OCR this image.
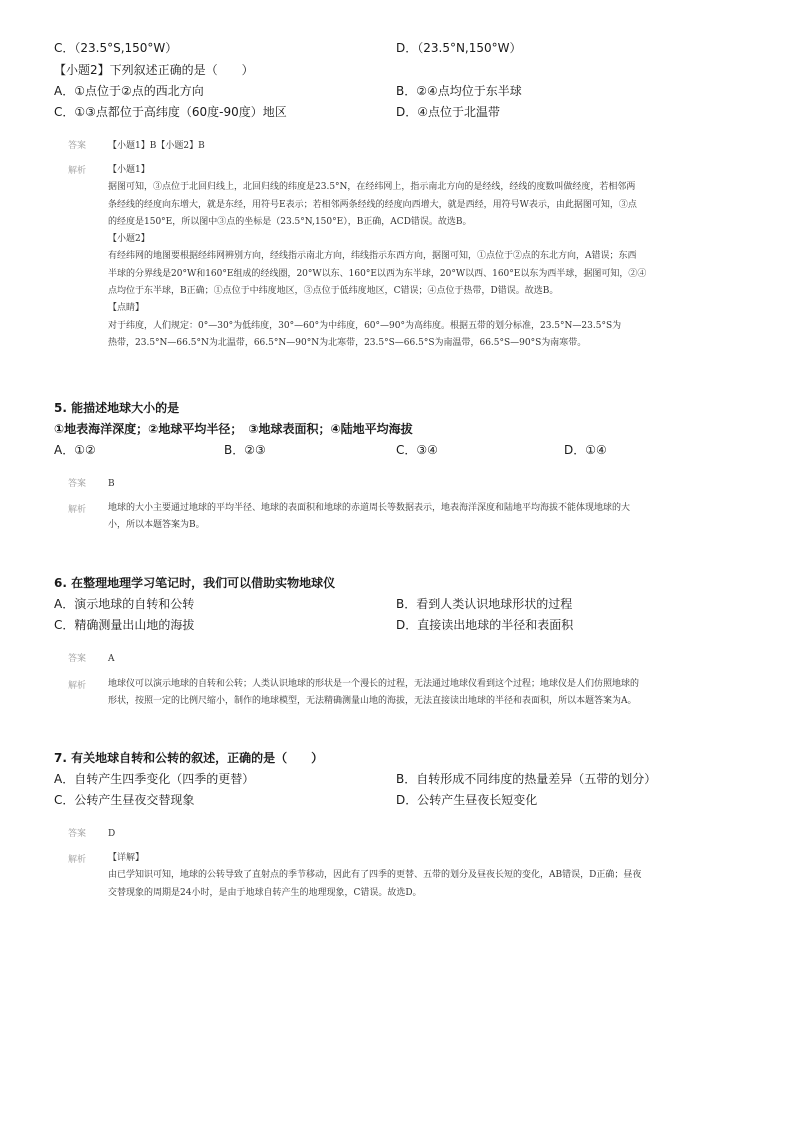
C．（23.5°S,150°W）	D．（23.5°N,150°W）
【小题2】下列叙述正确的是（　　）
A．①点位于②点的西北方向	B．②④点均位于东半球
C．①③点都位于高纬度（60度-90度）地区	D．④点位于北温带
答案 【小题1】B【小题2】B
解析 【小题1】

据图可知，③点位于北回归线上，北回归线的纬度是23.5°N，在经纬网上，指示南北方向的是经线，经线的度数叫做经度，若相邻两

条经线的经度向东增大，就是东经，用符号E表示；若相邻两条经线的经度向西增大，就是西经，用符号W表示，由此据图可知，③点

的经度是150°E，所以图中③点的坐标是（23.5°N,150°E），B正确，ACD错误。故选B。

【小题2】

有经纬网的地图要根据经纬网辨别方向，经线指示南北方向，纬线指示东西方向，据图可知，①点位于②点的东北方向，A错误；东西

半球的分界线是20°W和160°E组成的经线圈，20°W以东、160°E以西为东半球，20°W以西、160°E以东为西半球，据图可知，②④

点均位于东半球，B正确；①点位于中纬度地区，③点位于低纬度地区，C错误；④点位于热带，D错误。故选B。

【点睛】

对于纬度，人们规定：0°—30°为低纬度，30°—60°为中纬度，60°—90°为高纬度。根据五带的划分标准，23.5°N—23.5°S为

热带，23.5°N—66.5°N为北温带，66.5°N—90°N为北寒带，23.5°S—66.5°S为南温带，66.5°S—90°S为南寒带。

5. 能描述地球大小的是
①地表海洋深度；②地球平均半径；　③地球表面积；④陆地平均海拔
A．①②	B．②③	C．③④	D．①④
答案 B
解析 地球的大小主要通过地球的平均半径、地球的表面积和地球的赤道周长等数据表示，地表海洋深度和陆地平均海拔不能体现地球的大

小，所以本题答案为B。

6. 在整理地理学习笔记时，我们可以借助实物地球仪
A．演示地球的自转和公转	B．看到人类认识地球形状的过程
C．精确测量出山地的海拔	D．直接读出地球的半径和表面积
答案 A
解析 地球仪可以演示地球的自转和公转；人类认识地球的形状是一个漫长的过程，无法通过地球仪看到这个过程；地球仪是人们仿照地球的

形状，按照一定的比例尺缩小，制作的地球模型，无法精确测量山地的海拔，无法直接读出地球的半径和表面积，所以本题答案为A。

7. 有关地球自转和公转的叙述，正确的是（　　）
A．自转产生四季变化（四季的更替）	B．自转形成不同纬度的热量差异（五带的划分）
C．公转产生昼夜交替现象	D．公转产生昼夜长短变化
答案 D
解析 【详解】

由已学知识可知，地球的公转导致了直射点的季节移动，因此有了四季的更替、五带的划分及昼夜长短的变化，AB错误，D正确；昼夜

交替现象的周期是24小时，是由于地球自转产生的地理现象，C错误。故选D。
